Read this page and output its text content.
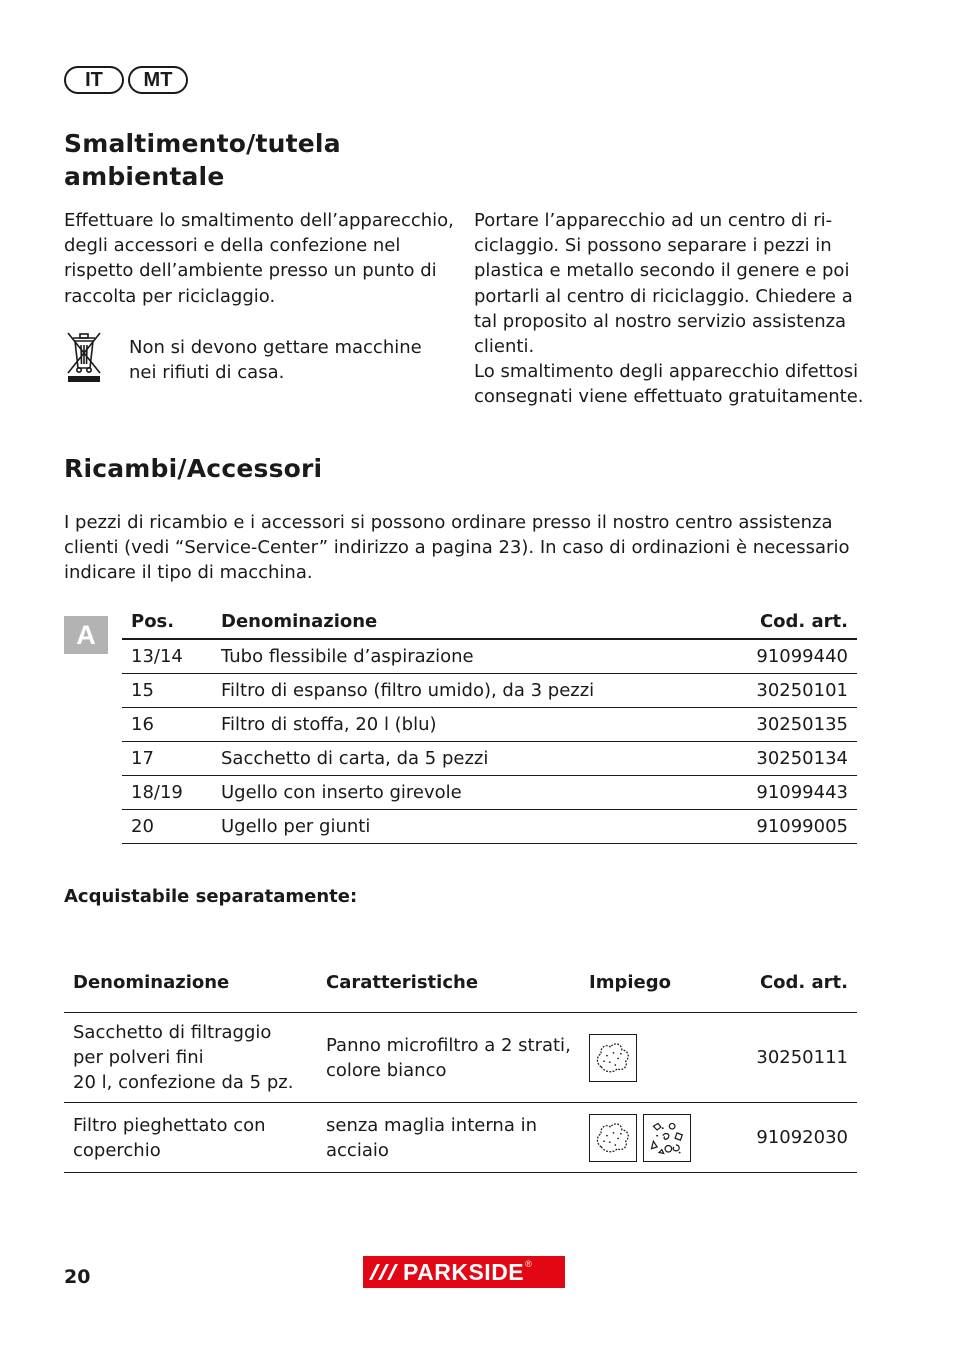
IT	MT
Smaltimento/tutela
ambientale
Effettuare lo smaltimento dell’apparecchio,
degli accessori e della confezione nel
rispetto dell’ambiente presso un punto di
raccolta per riciclaggio.
Non si devono gettare macchine
nei rifiuti di casa.
Portare l’apparecchio ad un centro di ri-
ciclaggio. Si possono separare i pezzi in
plastica e metallo secondo il genere e poi
portarli al centro di riciclaggio. Chiedere a
tal proposito al nostro servizio assistenza
clienti.
Lo smaltimento degli apparecchio difettosi
consegnati viene effettuato gratuitamente.
Ricambi/Accessori
I pezzi di ricambio e i accessori si possono ordinare presso il nostro centro assistenza
clienti (vedi “Service-Center” indirizzo a pagina 23). In caso di ordinazioni è necessario
indicare il tipo di macchina.
A	Pos.	Denominazione	Cod. art.
13/14	Tubo flessibile d’aspirazione	91099440
15	Filtro di espanso (filtro umido), da 3 pezzi	30250101
16	Filtro di stoffa, 20 l (blu)	30250135
17	Sacchetto di carta, da 5 pezzi	30250134
18/19	Ugello con inserto girevole	91099443
20	Ugello per giunti	91099005
Acquistabile separatamente:
Denominazione	Caratteristiche	Impiego	Cod. art.

Sacchetto di filtraggio
per polveri fini
20 l, confezione da 5 pz.	Panno microfiltro a 2 strati,
colore bianco		30250111

Filtro pieghettato con
coperchio	senza maglia interna in
acciaio		91092030
20	PARKSIDE ®
